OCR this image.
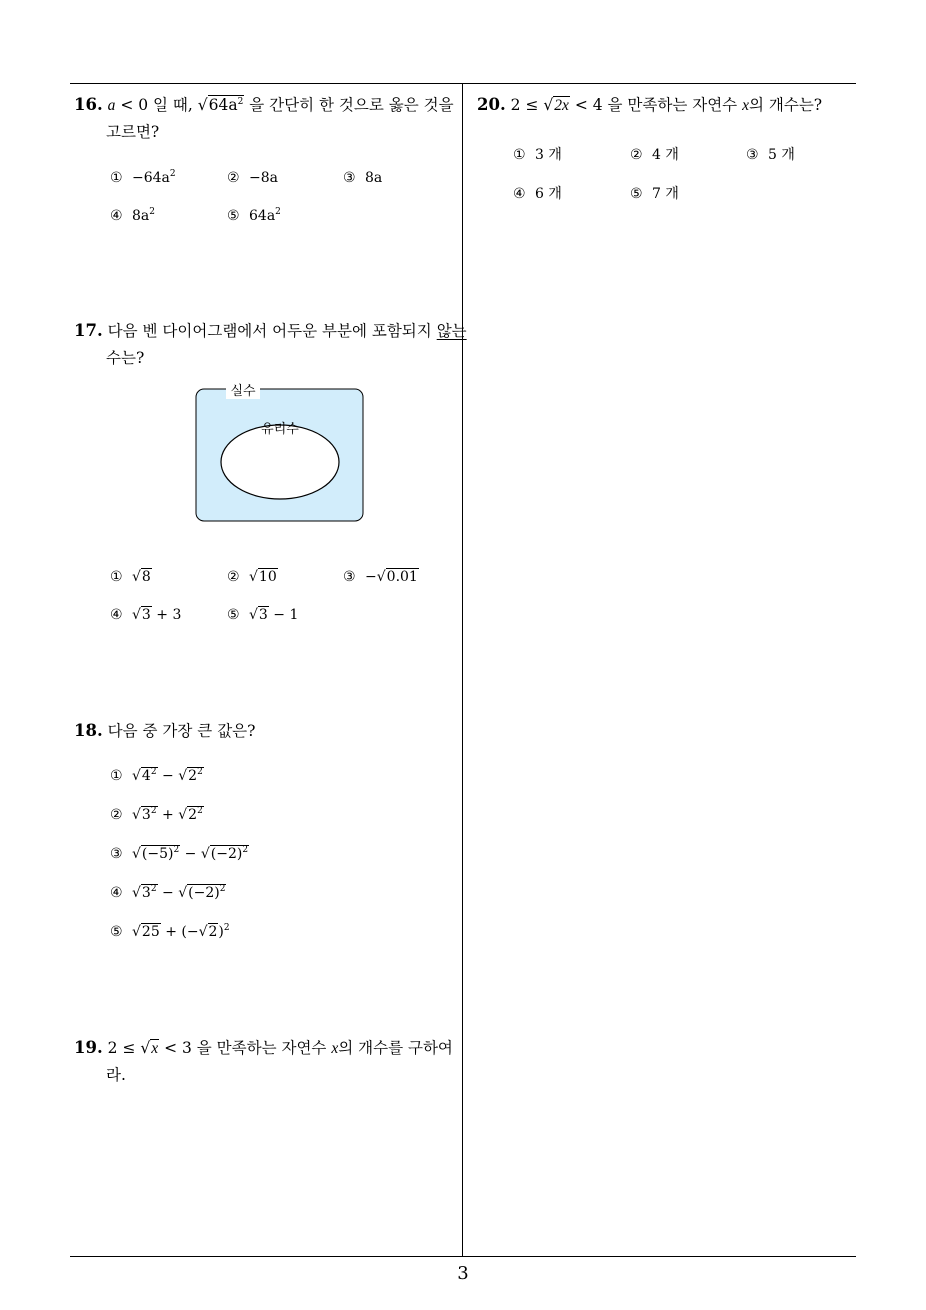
16. a < 0 일 때, $√64a^2$ 을 간단히 한 것으로 옳은 것을
고르면?
① $-64a^2$	② −8a	③ 8a
④ $8a^2$	⑤ $64a^2$
17. 다음 벤 다이어그램에서 어두운 부분에 포함되지 않는
수는?
실수
유리수
① √8	② √10	③ −√0.01
④ √3 + 3	⑤ √3 − 1
18. 다음 중 가장 큰 값은?
① $√4^2 - √2^2$
② $√3^2 + √2^2$
③ $√(-5)^2 - √(-2)^2$
④ $√3^2 - √(-2)^2$
⑤ $√25 + (-√2)^2$
19. 2 ≤ √x < 3 을 만족하는 자연수 x의 개수를 구하여
라.
20. 2 ≤ √2x < 4 을 만족하는 자연수 x의 개수는?
① 3 개	② 4 개	③ 5 개
④ 6 개	⑤ 7 개
3
